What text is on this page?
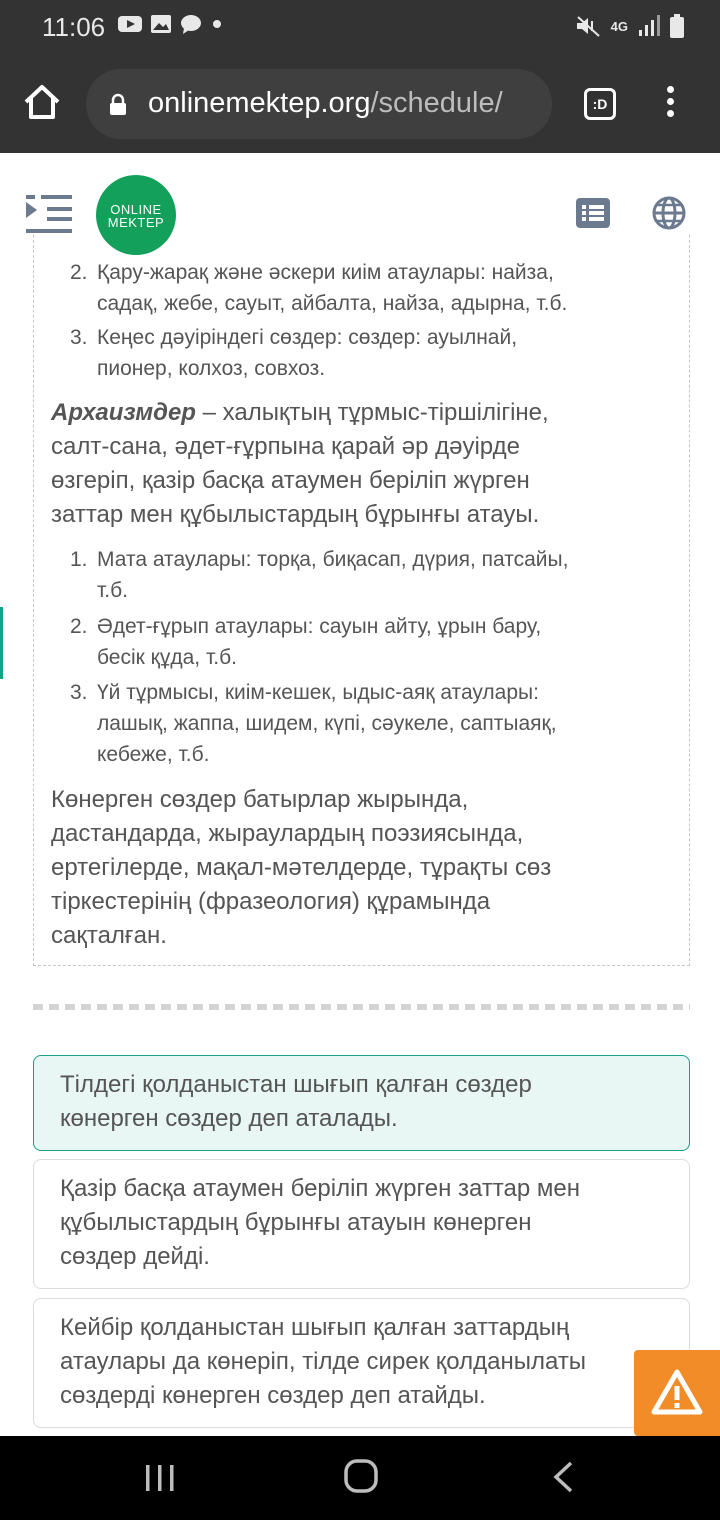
11:06	4G
onlinemektep.org/schedule/	:D
ONLINE
MEKTEP
2. Қару-жарақ және әскери киім атаулары: найза,
садақ, жебе, сауыт, айбалта, найза, адырна, т.б.
3. Кеңес дәуіріндегі сөздер: сөздер: ауылнай,
пионер, колхоз, совхоз.
Архаизмдер – халықтың тұрмыс-тіршілігіне,
салт-сана, әдет-ғұрпына қарай әр дәуірде
өзгеріп, қазір басқа атаумен беріліп жүрген
заттар мен құбылыстардың бұрынғы атауы.
1. Мата атаулары: торқа, биқасап, дүрия, патсайы,
т.б.
2. Әдет-ғұрып атаулары: сауын айту, ұрын бару,
бесік құда, т.б.
3. Үй тұрмысы, киім-кешек, ыдыс-аяқ атаулары:
лашық, жаппа, шидем, күпі, сәукеле, саптыаяқ,
кебеже, т.б.
Көнерген сөздер батырлар жырында,
дастандарда, жыраулардың поэзиясында,
ертегілерде, мақал-мәтелдерде, тұрақты сөз
тіркестерінің (фразеология) құрамында
сақталған.
Тілдегі қолданыстан шығып қалған сөздер
көнерген сөздер деп аталады.
Қазір басқа атаумен беріліп жүрген заттар мен
құбылыстардың бұрынғы атауын көнерген
сөздер дейді.
Кейбір қолданыстан шығып қалған заттардың
атаулары да көнеріп, тілде сирек қолданылаты
сөздерді көнерген сөздер деп атайды.
